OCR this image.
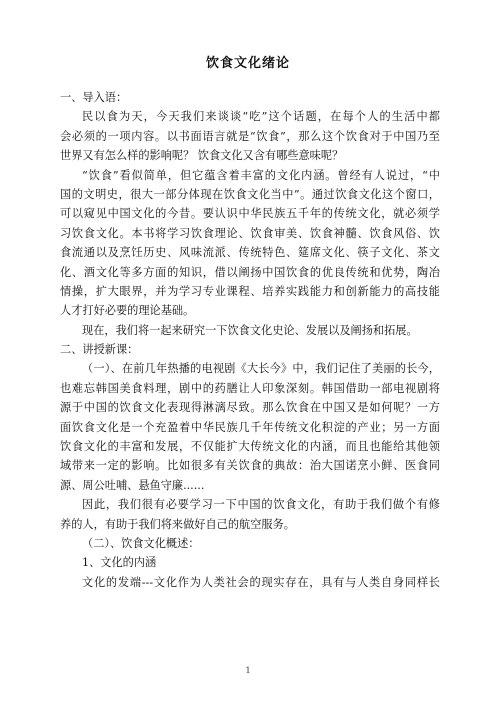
饮食文化绪论
一、导入语：
民以食为天，今天我们来谈谈“吃”这个话题，在每个人的生活中都
会必须的一项内容。以书面语言就是“饮食”，那么这个饮食对于中国乃至
世界又有怎么样的影响呢？ 饮食文化又含有哪些意味呢？
“饮食”看似简单，但它蕴含着丰富的文化内涵。曾经有人说过，“中
国的文明史，很大一部分体现在饮食文化当中”。通过饮食文化这个窗口，
可以窥见中国文化的今昔。要认识中华民族五千年的传统文化，就必须学
习饮食文化。本书将学习饮食理论、饮食审美、饮食神髓、饮食风俗、饮
食流通以及烹饪历史、风味流派、传统特色、筵席文化、筷子文化、茶文
化、酒文化等多方面的知识，借以阐扬中国饮食的优良传统和优势，陶冶
情操，扩大眼界，并为学习专业课程、培养实践能力和创新能力的高技能
人才打好必要的理论基础。
现在，我们将一起来研究一下饮食文化史论、发展以及阐扬和拓展。
二、讲授新课：
（一）、在前几年热播的电视剧《大长今》中，我们记住了美丽的长今，
也难忘韩国美食料理，剧中的药膳让人印象深刻。韩国借助一部电视剧将
源于中国的饮食文化表现得淋漓尽致。那么饮食在中国又是如何呢？一方
面饮食文化是一个充盈着中华民族几千年传统文化积淀的产业；另一方面
饮食文化的丰富和发展，不仅能扩大传统文化的内涵，而且也能给其他领
域带来一定的影响。比如很多有关饮食的典故：治大国诺烹小鲜、医食同
源、周公吐哺、悬鱼守廉......
因此，我们很有必要学习一下中国的饮食文化，有助于我们做个有修
养的人，有助于我们将来做好自己的航空服务。
（二）、饮食文化概述：
1、文化的内涵
文化的发端---文化作为人类社会的现实存在，具有与人类自身同样长
1
